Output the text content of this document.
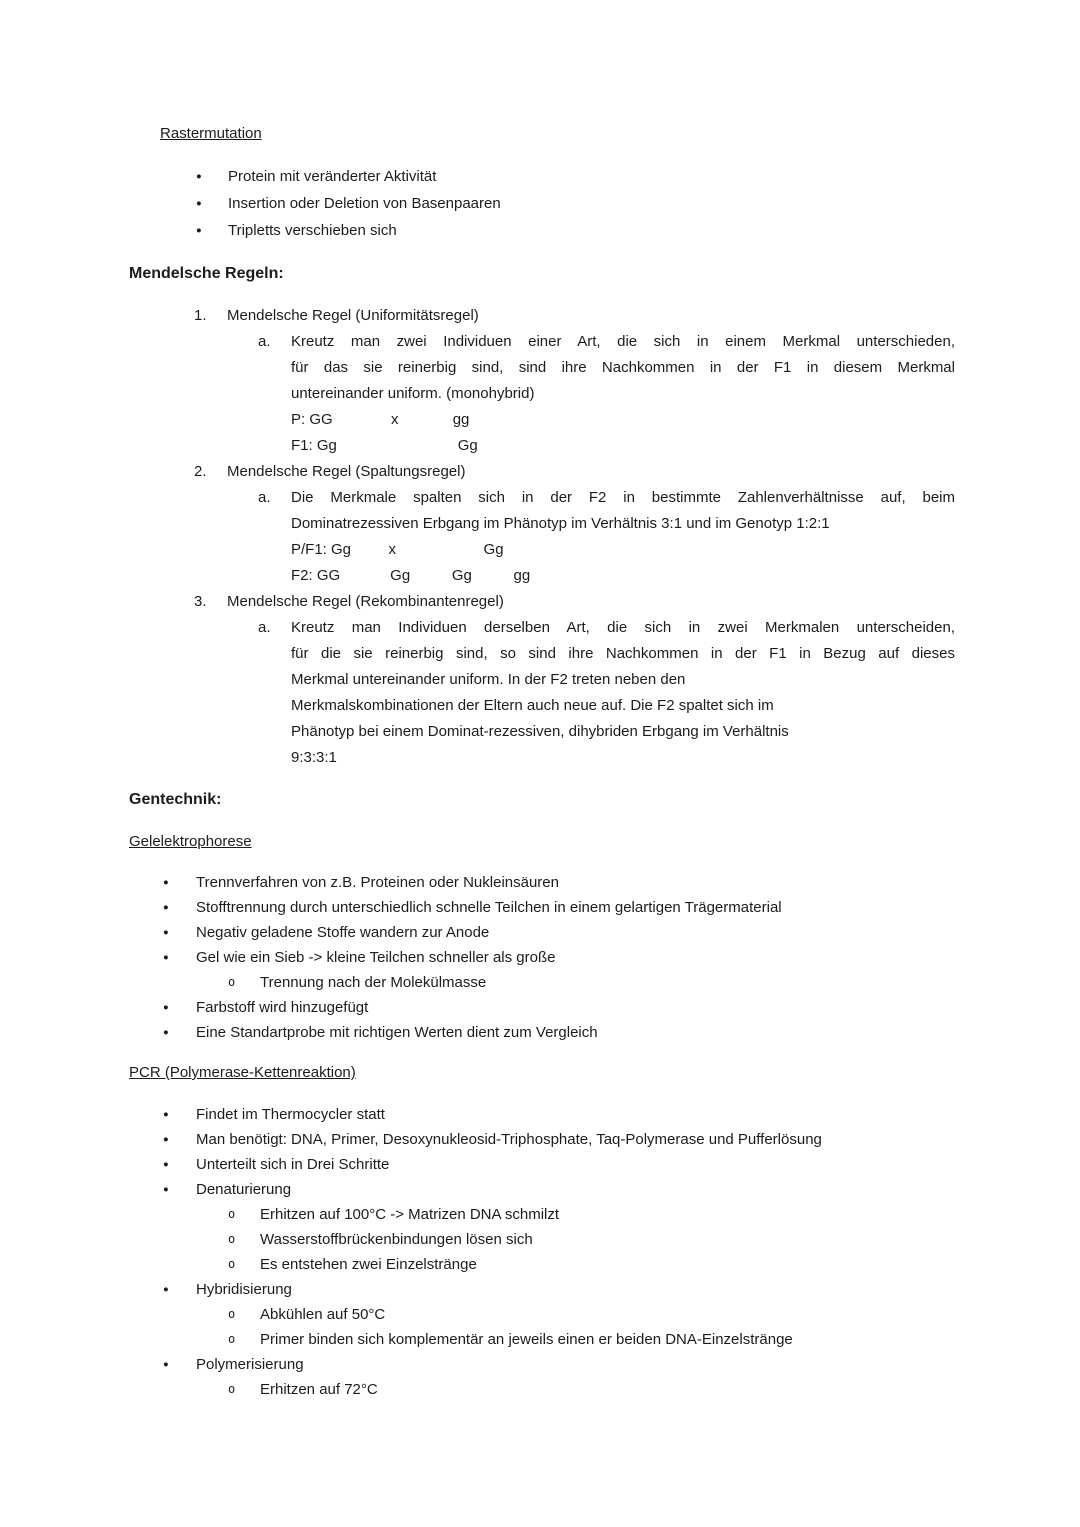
Rastermutation
●	Protein mit veränderter Aktivität
●	Insertion oder Deletion von Basenpaaren
●	Tripletts verschieben sich
Mendelsche Regeln:
1.	Mendelsche Regel (Uniformitätsregel)
a.	Kreutz man zwei Individuen einer Art, die sich in einem Merkmal unterschieden,
für das sie reinerbig sind, sind ihre Nachkommen in der F1 in diesem Merkmal
untereinander uniform. (monohybrid)
P: GG              x             gg
F1: Gg                             Gg
2.	Mendelsche Regel (Spaltungsregel)
a.	Die Merkmale spalten sich in der F2 in bestimmte Zahlenverhältnisse auf, beim
Dominatrezessiven Erbgang im Phänotyp im Verhältnis 3:1 und im Genotyp 1:2:1
P/F1: Gg         x                     Gg
F2: GG            Gg          Gg          gg
3.	Mendelsche Regel (Rekombinantenregel)
a.	Kreutz man Individuen derselben Art, die sich in zwei Merkmalen unterscheiden,
für die sie reinerbig sind, so sind ihre Nachkommen in der F1 in Bezug auf dieses
Merkmal untereinander uniform. In der F2 treten neben den
Merkmalskombinationen der Eltern auch neue auf. Die F2 spaltet sich im
Phänotyp bei einem Dominat-rezessiven, dihybriden Erbgang im Verhältnis
9:3:3:1
Gentechnik:
Gelelektrophorese
●	Trennverfahren von z.B. Proteinen oder Nukleinsäuren
●	Stofftrennung durch unterschiedlich schnelle Teilchen in einem gelartigen Trägermaterial
●	Negativ geladene Stoffe wandern zur Anode
●	Gel wie ein Sieb -> kleine Teilchen schneller als große
o	Trennung nach der Molekülmasse
●	Farbstoff wird hinzugefügt
●	Eine Standartprobe mit richtigen Werten dient zum Vergleich
PCR (Polymerase-Kettenreaktion)
●	Findet im Thermocycler statt
●	Man benötigt: DNA, Primer, Desoxynukleosid-Triphosphate, Taq-Polymerase und Pufferlösung
●	Unterteilt sich in Drei Schritte
●	Denaturierung
o	Erhitzen auf 100°C -> Matrizen DNA schmilzt
o	Wasserstoffbrückenbindungen lösen sich
o	Es entstehen zwei Einzelstränge
●	Hybridisierung
o	Abkühlen auf 50°C
o	Primer binden sich komplementär an jeweils einen er beiden DNA-Einzelstränge
●	Polymerisierung
o	Erhitzen auf 72°C
